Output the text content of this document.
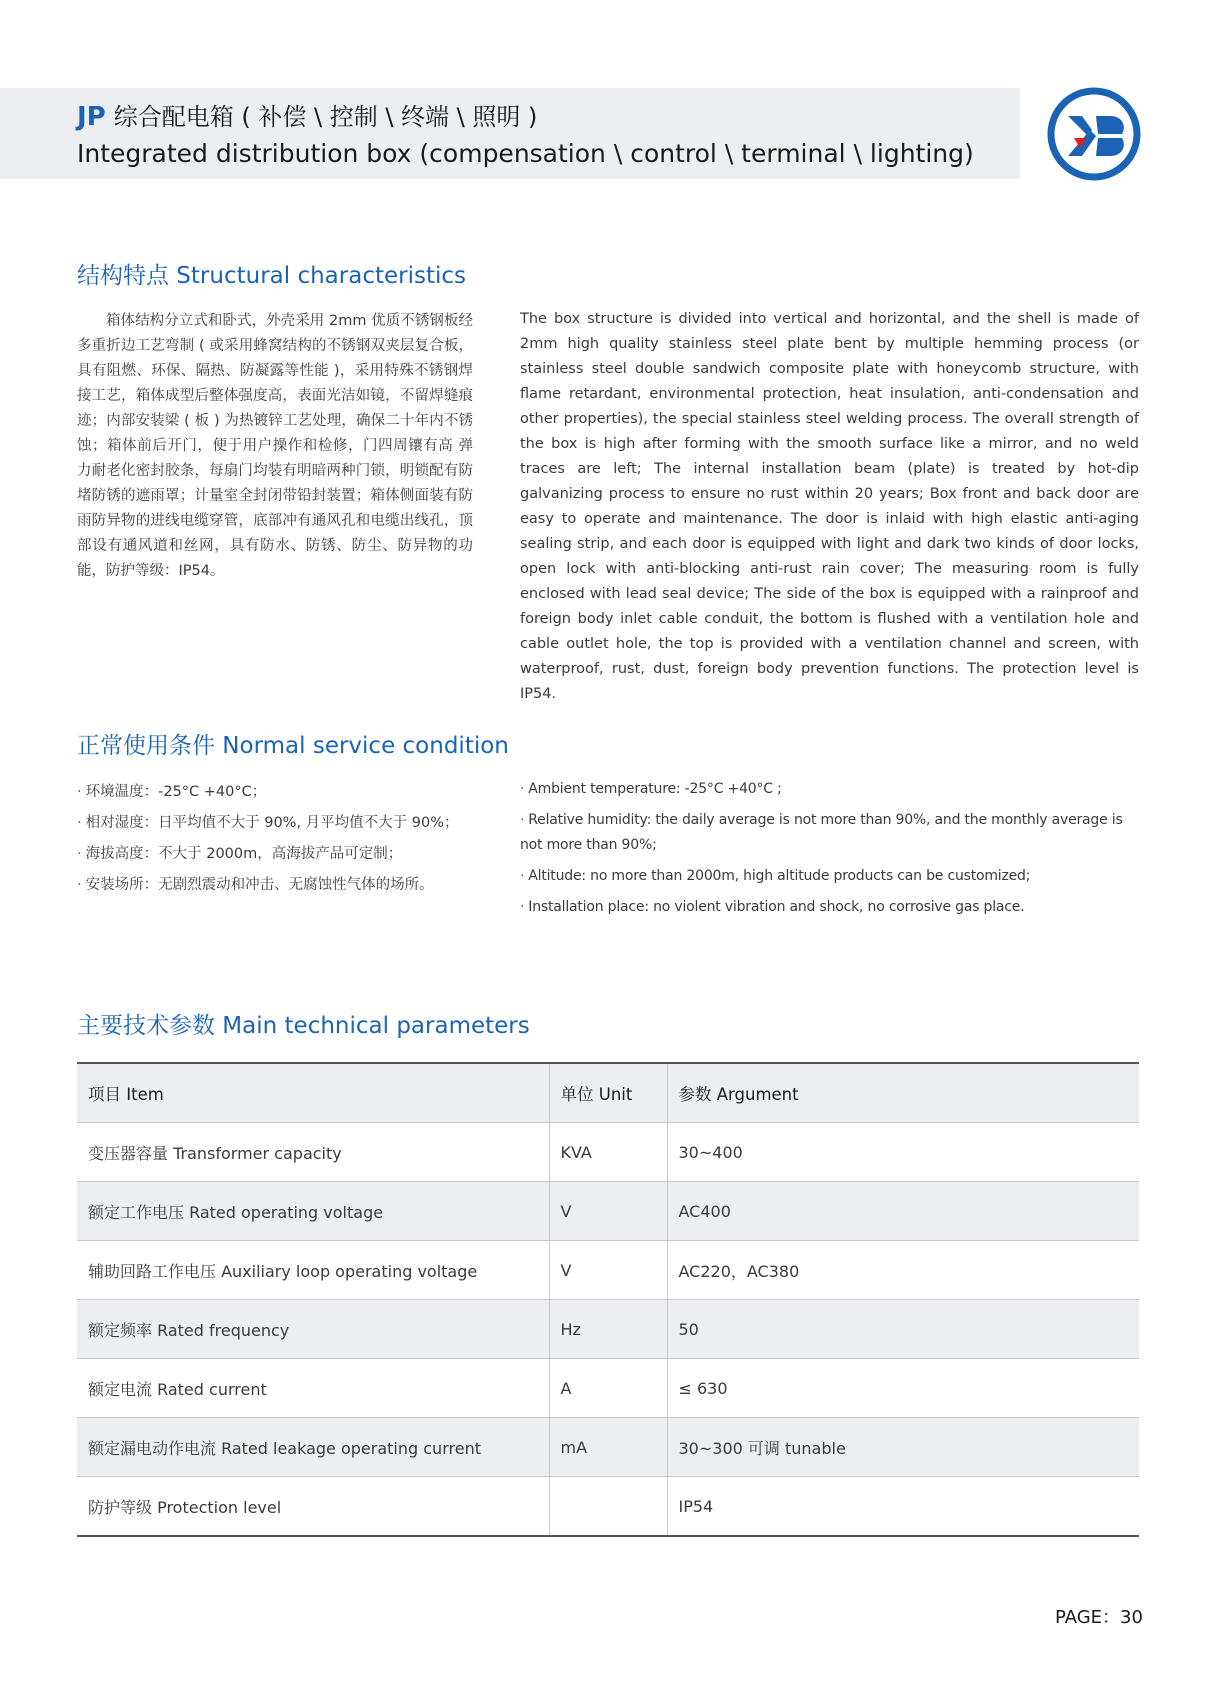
JP 综合配电箱 ( 补偿 \ 控制 \ 终端 \ 照明 )
Integrated distribution box (compensation \ control \ terminal \ lighting)
结构特点 Structural characteristics
箱体结构分立式和卧式，外壳采用 2mm 优质不锈钢板经多重折边工艺弯制 ( 或采用蜂窝结构的不锈钢双夹层复合板，具有阻燃、环保、隔热、防凝露等性能 )，采用特殊不锈钢焊接工艺，箱体成型后整体强度高，表面光洁如镜，不留焊缝痕迹；内部安装梁 ( 板 ) 为热镀锌工艺处理，确保二十年内不锈蚀；箱体前后开门，便于用户操作和检修，门四周镶有高 弹力耐老化密封胶条，每扇门均装有明暗两种门锁，明锁配有防堵防锈的遮雨罩；计量室全封闭带铅封装置；箱体侧面装有防雨防异物的进线电缆穿管，底部冲有通风孔和电缆出线孔，顶部设有通风道和丝网，具有防水、防锈、防尘、防异物的功能，防护等级：IP54。
The box structure is divided into vertical and horizontal, and the shell is made of 2mm high quality stainless steel plate bent by multiple hemming process (or stainless steel double sandwich composite plate with honeycomb structure, with flame retardant, environmental protection, heat insulation, anti-condensation and other properties), the special stainless steel welding process. The overall strength of the box is high after forming with the smooth surface like a mirror, and no weld traces are left; The internal installation beam (plate) is treated by hot-dip galvanizing process to ensure no rust within 20 years; Box front and back door are easy to operate and maintenance. The door is inlaid with high elastic anti-aging sealing strip, and each door is equipped with light and dark two kinds of door locks, open lock with anti-blocking anti-rust rain cover; The measuring room is fully enclosed with lead seal device; The side of the box is equipped with a rainproof and foreign body inlet cable conduit, the bottom is flushed with a ventilation hole and cable outlet hole, the top is provided with a ventilation channel and screen, with waterproof, rust, dust, foreign body prevention functions. The protection level is IP54.
正常使用条件 Normal service condition
· 环境温度：-25°C +40°C；
· 相对湿度：日平均值不大于 90%, 月平均值不大于 90%；
· 海拔高度：不大于 2000m，高海拔产品可定制；
· 安装场所：无剧烈震动和冲击、无腐蚀性气体的场所。
· Ambient temperature: -25°C +40°C ;
· Relative humidity: the daily average is not more than 90%, and the monthly average is not more than 90%;
· Altitude: no more than 2000m, high altitude products can be customized;
· Installation place: no violent vibration and shock, no corrosive gas place.
主要技术参数 Main technical parameters
项目 Item	单位 Unit	参数 Argument
变压器容量 Transformer capacity	KVA	30~400
额定工作电压 Rated operating voltage	V	AC400
辅助回路工作电压 Auxiliary loop operating voltage	V	AC220，AC380
额定频率 Rated frequency	Hz	50
额定电流 Rated current	A	≤ 630
额定漏电动作电流 Rated leakage operating current	mA	30~300 可调 tunable
防护等级 Protection level		IP54
PAGE：30
